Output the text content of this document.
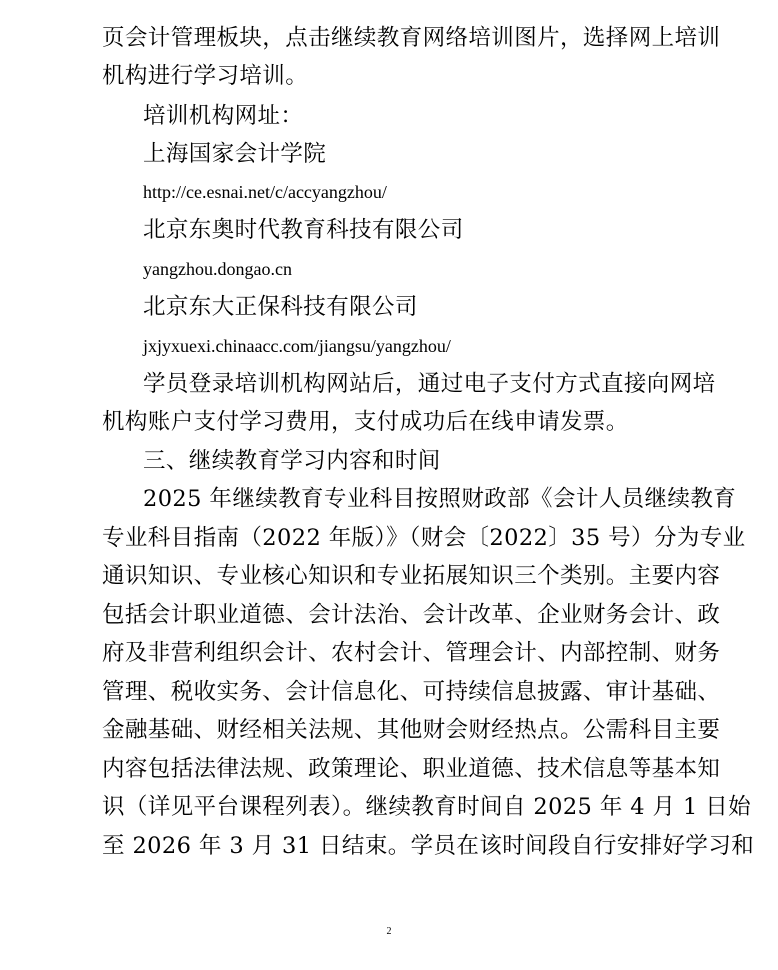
页会计管理板块，点击继续教育网络培训图片，选择网上培训
机构进行学习培训。
培训机构网址：
上海国家会计学院
http://ce.esnai.net/c/accyangzhou/
北京东奥时代教育科技有限公司
yangzhou.dongao.cn
北京东大正保科技有限公司
jxjyxuexi.chinaacc.com/jiangsu/yangzhou/
学员登录培训机构网站后，通过电子支付方式直接向网培
机构账户支付学习费用，支付成功后在线申请发票。
三、继续教育学习内容和时间
2025 年继续教育专业科目按照财政部《会计人员继续教育
专业科目指南（2022 年版）》（财会〔2022〕35 号）分为专业
通识知识、专业核心知识和专业拓展知识三个类别。主要内容
包括会计职业道德、会计法治、会计改革、企业财务会计、政
府及非营利组织会计、农村会计、管理会计、内部控制、财务
管理、税收实务、会计信息化、可持续信息披露、审计基础、
金融基础、财经相关法规、其他财会财经热点。公需科目主要
内容包括法律法规、政策理论、职业道德、技术信息等基本知
识（详见平台课程列表）。继续教育时间自 2025 年 4 月 1 日始
至 2026 年 3 月 31 日结束。学员在该时间段自行安排好学习和
2
